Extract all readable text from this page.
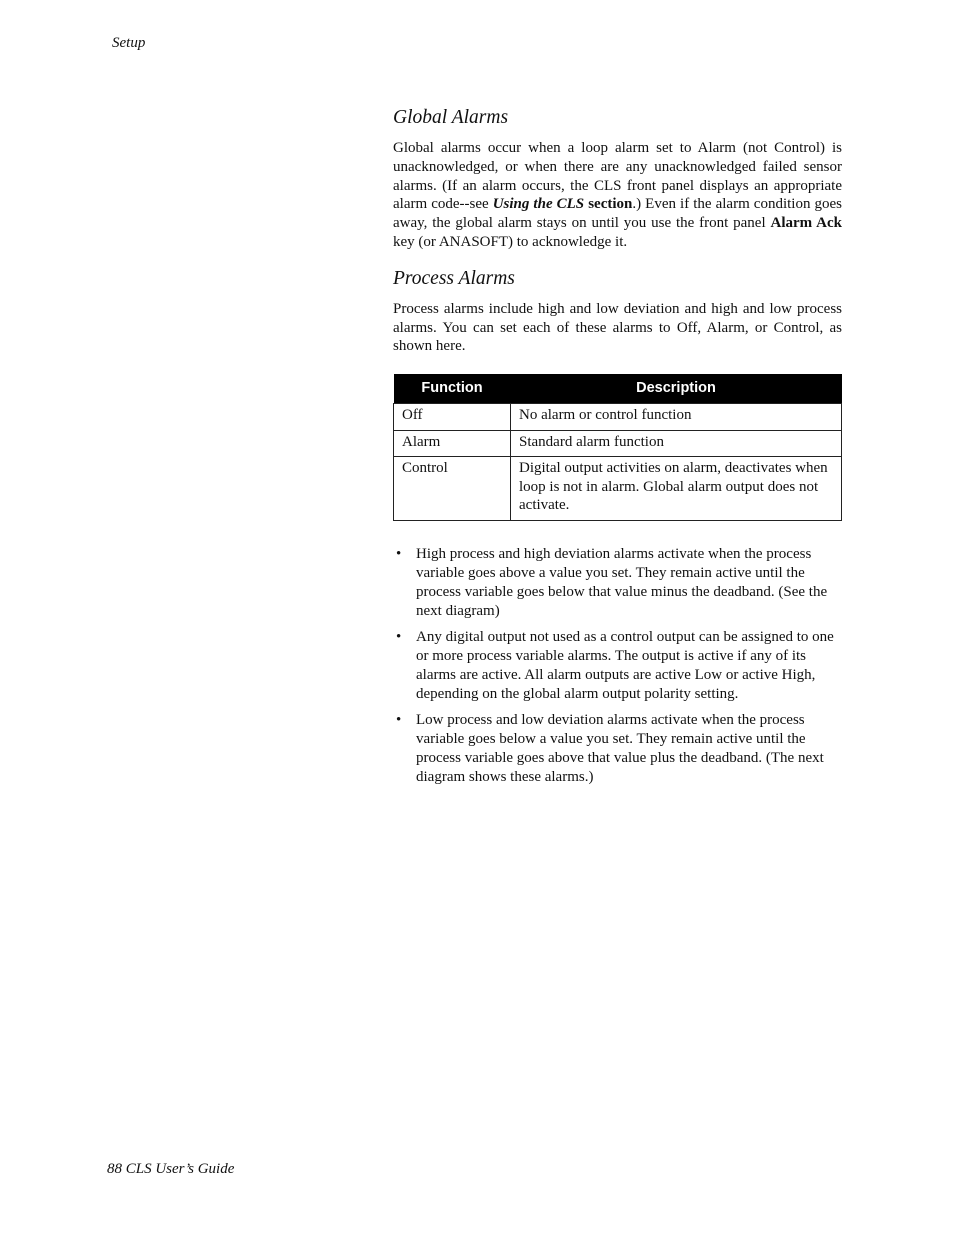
Setup
Global Alarms

Global alarms occur when a loop alarm set to Alarm (not Control) is unacknowledged, or when there are any unacknowledged failed sensor alarms. (If an alarm occurs, the CLS front panel displays an appropriate alarm code--see Using the CLS section.) Even if the alarm condition goes away, the global alarm stays on until you use the front panel Alarm Ack key (or ANASOFT) to acknowledge it.

Process Alarms

Process alarms include high and low deviation and high and low process alarms. You can set each of these alarms to Off, Alarm, or Control, as shown here.

Function	Description
Off	No alarm or control function
Alarm	Standard alarm function
Control	Digital output activities on alarm, deactivates when loop is not in alarm. Global alarm output does not activate.
• High process and high deviation alarms activate when the process variable goes above a value you set. They remain active until the process variable goes below that value minus the deadband. (See the next diagram)
• Any digital output not used as a control output can be assigned to one or more process variable alarms. The output is active if any of its alarms are active. All alarm outputs are active Low or active High, depending on the global alarm output polarity setting.
• Low process and low deviation alarms activate when the process variable goes below a value you set. They remain active until the process variable goes above that value plus the deadband. (The next diagram shows these alarms.)
88 CLS User’s Guide
